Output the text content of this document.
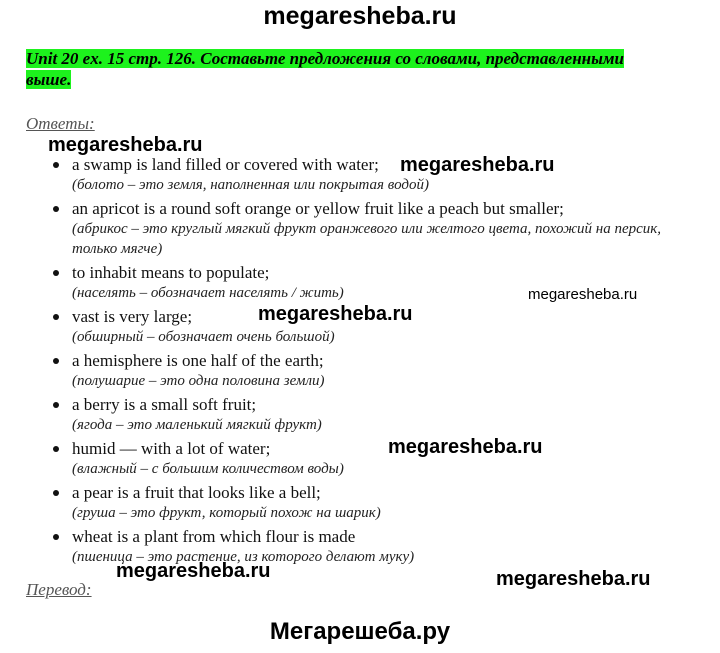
megaresheba.ru
Unit 20 ex. 15 стр. 126. Составьте предложения со словами, представленными выше.
Ответы:
megaresheba.ru
a swamp is land filled or covered with water;
(болото – это земля, наполненная или покрытая водой)
an apricot is a round soft orange or yellow fruit like a peach but smaller;
(абрикос – это круглый мягкий фрукт оранжевого или желтого цвета, похожий на персик, только мягче)
to inhabit means to populate;
(населять – обозначает населять / жить)
vast is very large;
(обширный – обозначает очень большой)
a hemisphere is one half of the earth;
(полушарие – это одна половина земли)
a berry is a small soft fruit;
(ягода – это маленький мягкий фрукт)
humid — with a lot of water;
(влажный – с большим количеством воды)
a pear is a fruit that looks like a bell;
(груша – это фрукт, который похож на шарик)
wheat is a plant from which flour is made
(пшеница – это растение, из которого делают муку)
megaresheba.ru
megaresheba.ru
megaresheba.ru
megaresheba.ru
megaresheba.ru	megaresheba.ru
Перевод:
Мегарешеба.ру
